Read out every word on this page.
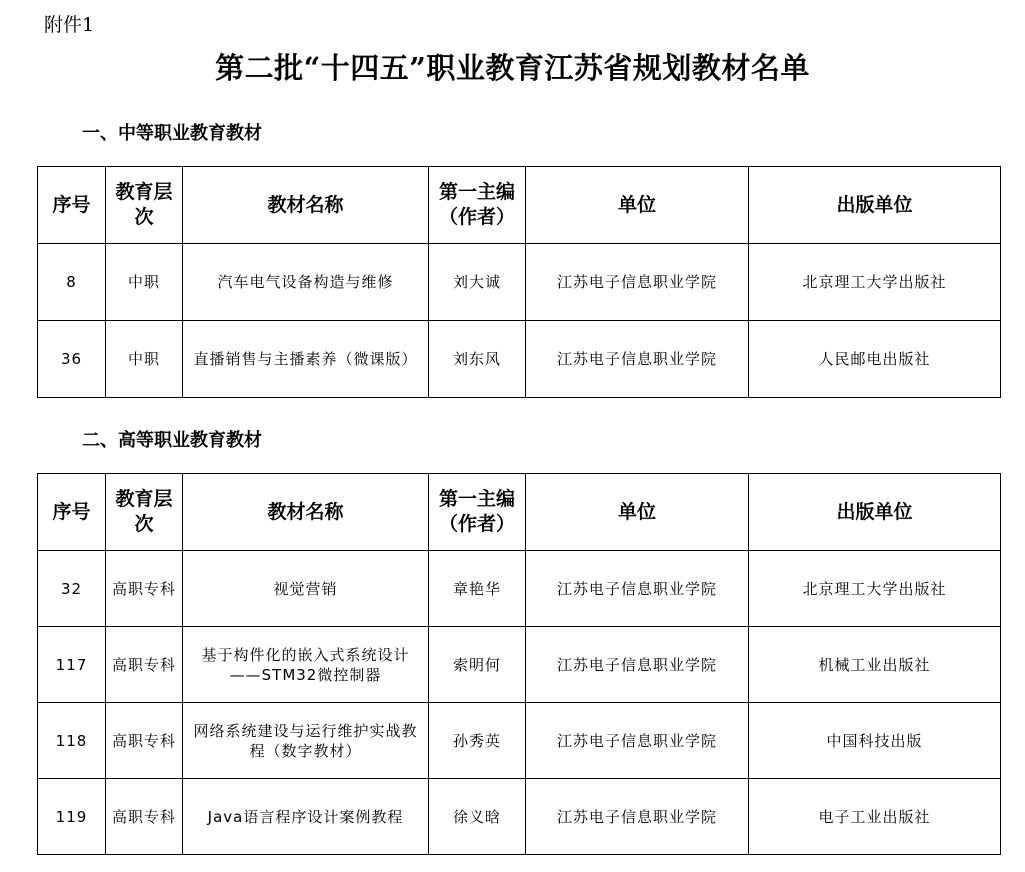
附件1
第二批“十四五”职业教育江苏省规划教材名单
一、中等职业教育教材
序号	教育层次	教材名称	第一主编（作者）	单位	出版单位
8	中职	汽车电气设备构造与维修	刘大诚	江苏电子信息职业学院	北京理工大学出版社
36	中职	直播销售与主播素养（微课版）	刘东风	江苏电子信息职业学院	人民邮电出版社
二、高等职业教育教材
序号	教育层次	教材名称	第一主编（作者）	单位	出版单位
32	高职专科	视觉营销	章艳华	江苏电子信息职业学院	北京理工大学出版社
117	高职专科	基于构件化的嵌入式系统设计——STM32微控制器	索明何	江苏电子信息职业学院	机械工业出版社
118	高职专科	网络系统建设与运行维护实战教程（数字教材）	孙秀英	江苏电子信息职业学院	中国科技出版
119	高职专科	Java语言程序设计案例教程	徐义晗	江苏电子信息职业学院	电子工业出版社
